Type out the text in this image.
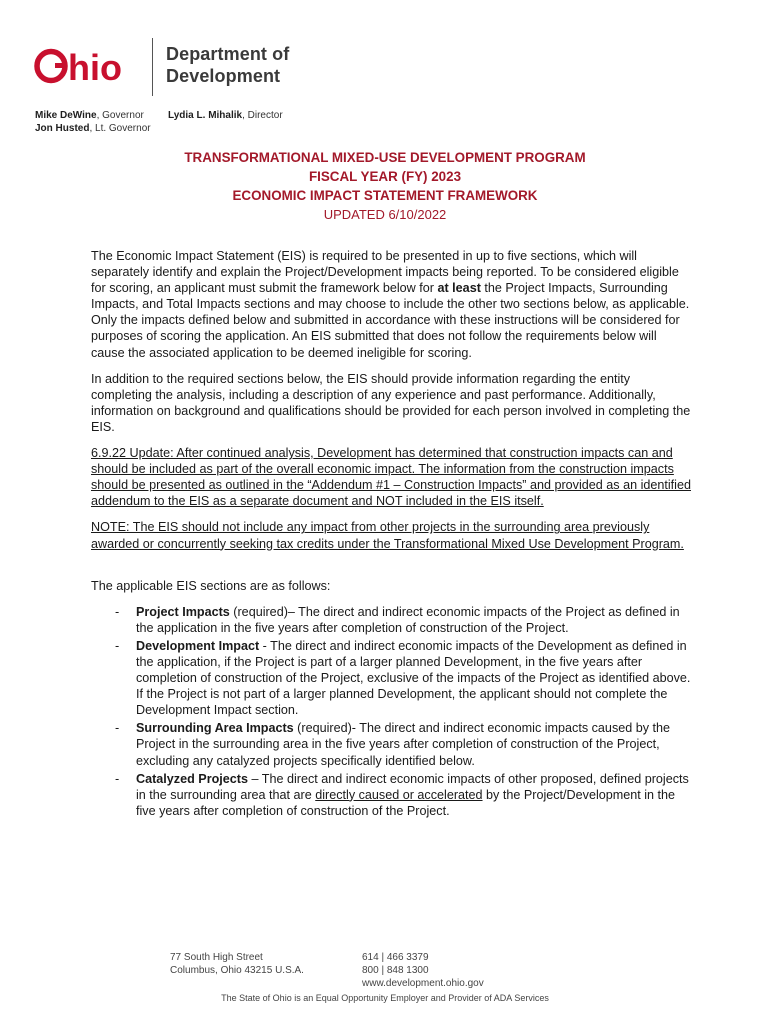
hio Department of
Development
Mike DeWine, Governor
Jon Husted, Lt. Governor
Lydia L. Mihalik, Director
TRANSFORMATIONAL MIXED-USE DEVELOPMENT PROGRAM
FISCAL YEAR (FY) 2023
ECONOMIC IMPACT STATEMENT FRAMEWORK
UPDATED 6/10/2022

The Economic Impact Statement (EIS) is required to be presented in up to five sections, which will separately identify and explain the Project/Development impacts being reported. To be considered eligible for scoring, an applicant must submit the framework below for at least the Project Impacts, Surrounding Impacts, and Total Impacts sections and may choose to include the other two sections below, as applicable. Only the impacts defined below and submitted in accordance with these instructions will be considered for purposes of scoring the application. An EIS submitted that does not follow the requirements below will cause the associated application to be deemed ineligible for scoring.

In addition to the required sections below, the EIS should provide information regarding the entity completing the analysis, including a description of any experience and past performance. Additionally, information on background and qualifications should be provided for each person involved in completing the EIS.

6.9.22 Update: After continued analysis, Development has determined that construction impacts can and should be included as part of the overall economic impact. The information from the construction impacts should be presented as outlined in the “Addendum #1 – Construction Impacts” and provided as an identified addendum to the EIS as a separate document and NOT included in the EIS itself.

NOTE: The EIS should not include any impact from other projects in the surrounding area previously awarded or concurrently seeking tax credits under the Transformational Mixed Use Development Program.

The applicable EIS sections are as follows:

- Project Impacts (required)– The direct and indirect economic impacts of the Project as defined in the application in the five years after completion of construction of the Project.
- Development Impact - The direct and indirect economic impacts of the Development as defined in the application, if the Project is part of a larger planned Development, in the five years after completion of construction of the Project, exclusive of the impacts of the Project as identified above. If the Project is not part of a larger planned Development, the applicant should not complete the Development Impact section.
- Surrounding Area Impacts (required)- The direct and indirect economic impacts caused by the Project in the surrounding area in the five years after completion of construction of the Project, excluding any catalyzed projects specifically identified below.
- Catalyzed Projects – The direct and indirect economic impacts of other proposed, defined projects in the surrounding area that are directly caused or accelerated by the Project/Development in the five years after completion of construction of the Project.
77 South High Street
Columbus, Ohio 43215 U.S.A.
614 | 466 3379
800 | 848 1300
www.development.ohio.gov
The State of Ohio is an Equal Opportunity Employer and Provider of ADA Services
